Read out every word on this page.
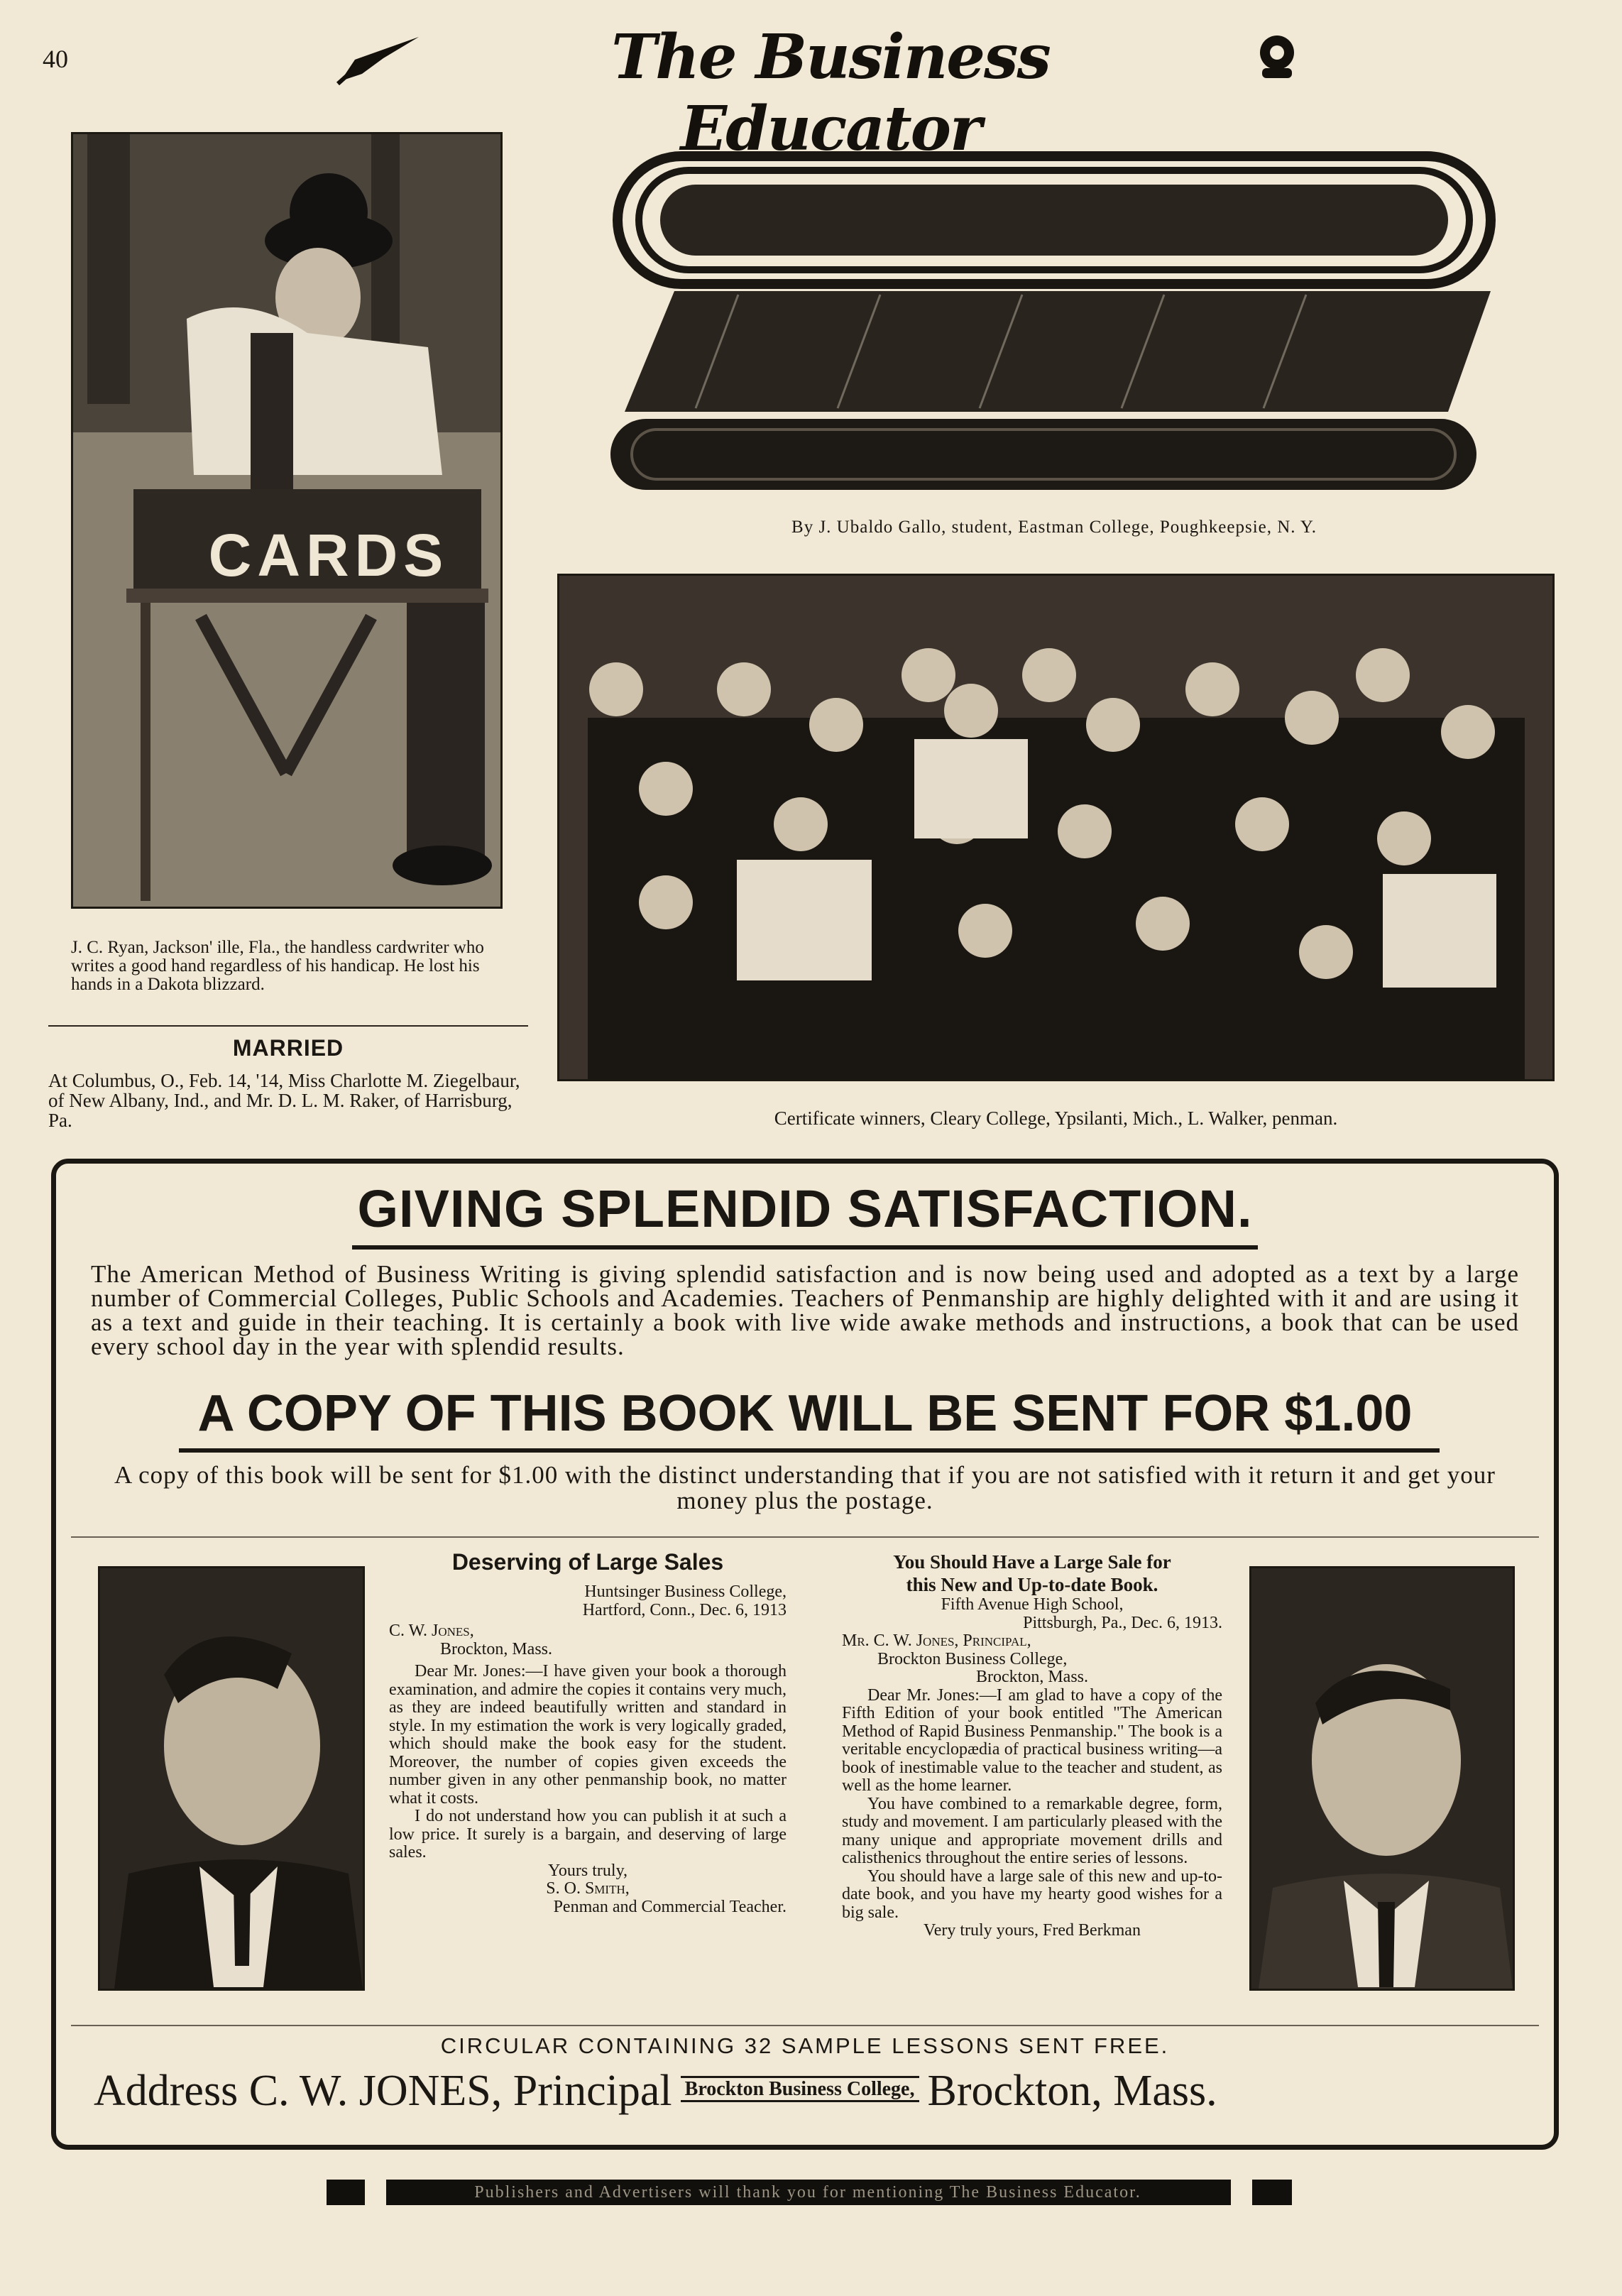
40	The Business Educator
CARDS	By J. Ubaldo Gallo, student, Eastman College, Poughkeepsie, N. Y.
J. C. Ryan, Jackson' ille, Fla., the handless cardwriter who writes a good hand regardless of his handicap. He lost his hands in a Dakota blizzard.
MARRIED
At Columbus, O., Feb. 14, '14, Miss Charlotte M. Ziegelbaur, of New Albany, Ind., and Mr. D. L. M. Raker, of Harrisburg, Pa.	Certificate winners, Cleary College, Ypsilanti, Mich., L. Walker, penman.
GIVING SPLENDID SATISFACTION.
The American Method of Business Writing is giving splendid satisfaction and is now being used and adopted as a text by a large number of Commercial Colleges, Public Schools and Academies. Teachers of Penmanship are highly delighted with it and are using it as a text and guide in their teaching. It is certainly a book with live wide awake methods and instructions, a book that can be used every school day in the year with splendid results.
A COPY OF THIS BOOK WILL BE SENT FOR $1.00
A copy of this book will be sent for $1.00 with the distinct understanding that if you are not satisfied with it return it and get your money plus the postage.

Deserving of Large Sales

Huntsinger Business College,

Hartford, Conn., Dec. 6, 1913

C. W. Jones,

Brockton, Mass.

Dear Mr. Jones:—I have given your book a thorough examination, and admire the copies it contains very much, as they are indeed beautifully written and standard in style. In my estimation the work is very logically graded, which should make the book easy for the student. Moreover, the number of copies given exceeds the number given in any other penmanship book, no matter what it costs.

I do not understand how you can publish it at such a low price. It surely is a bargain, and deserving of large sales.

Yours truly,

S. O. Smith,

Penman and Commercial Teacher.

You Should Have a Large Sale for

this New and Up-to-date Book.

Fifth Avenue High School,

Pittsburgh, Pa., Dec. 6, 1913.

Mr. C. W. Jones, Principal,

Brockton Business College,

Brockton, Mass.

Dear Mr. Jones:—I am glad to have a copy of the Fifth Edition of your book entitled "The American Method of Rapid Business Penmanship." The book is a veritable encyclopædia of practical business writing—a book of inestimable value to the teacher and student, as well as the home learner.

You have combined to a remarkable degree, form, study and movement. I am particularly pleased with the many unique and appropriate movement drills and calisthenics throughout the entire series of lessons.

You should have a large sale of this new and up-to-date book, and you have my hearty good wishes for a big sale.

Very truly yours, Fred Berkman

CIRCULAR CONTAINING 32 SAMPLE LESSONS SENT FREE.
Address C. W. JONES, Principal $^{Brockton Business College,}$ Brockton, Mass.
Publishers and Advertisers will thank you for mentioning The Business Educator.
